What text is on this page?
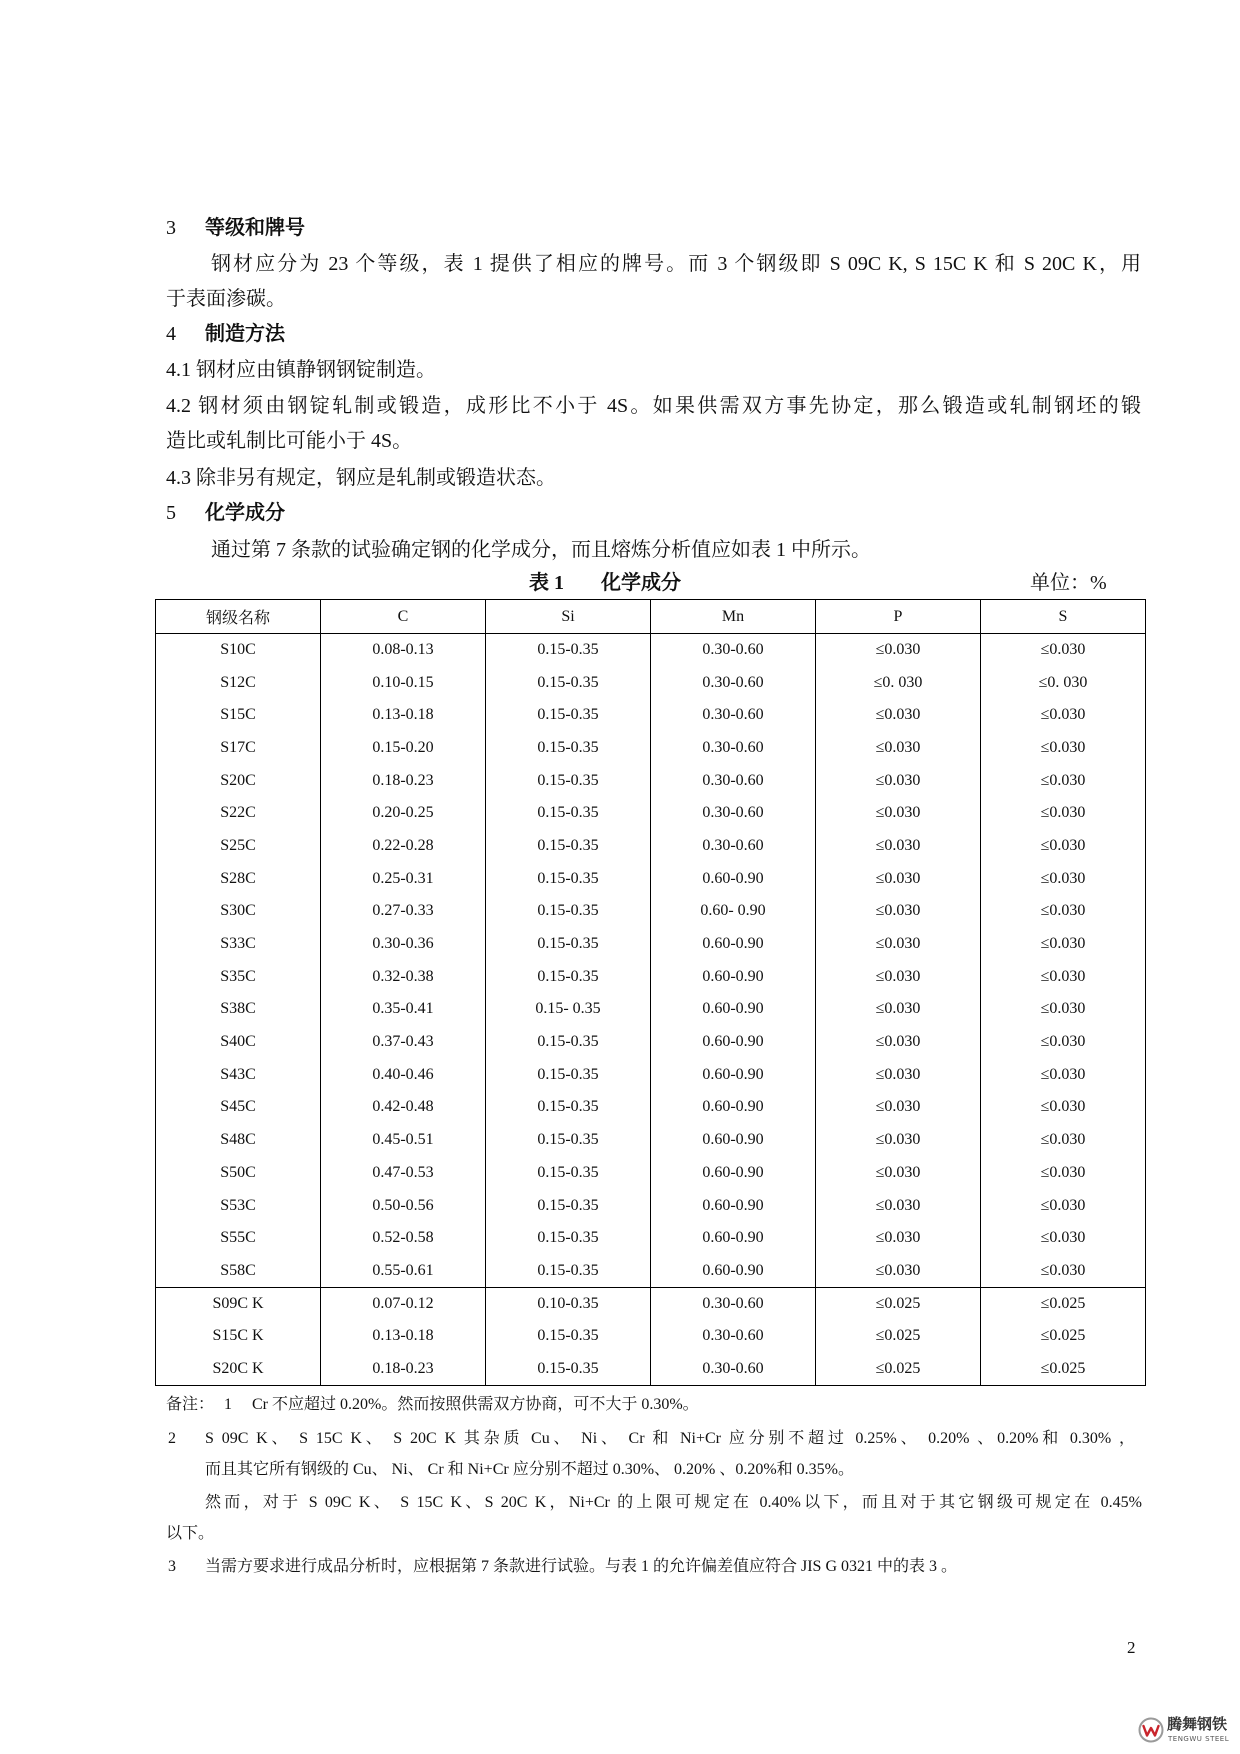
3 等级和牌号
钢材应分为 23 个等级，表 1 提供了相应的牌号。而 3 个钢级即 S 09C K, S 15C K 和 S 20C K，用
于表面渗碳。
4 制造方法
4.1 钢材应由镇静钢钢锭制造。
4.2 钢材须由钢锭轧制或锻造，成形比不小于 4S。如果供需双方事先协定，那么锻造或轧制钢坯的锻
造比或轧制比可能小于 4S。
4.3 除非另有规定，钢应是轧制或锻造状态。
5 化学成分
通过第 7 条款的试验确定钢的化学成分，而且熔炼分析值应如表 1 中所示。
表 1 化学成分	单位：%
钢级名称	C	Si	Mn	P	S
S10C	0.08-0.13	0.15-0.35	0.30-0.60	≤0.030	≤0.030
S12C	0.10-0.15	0.15-0.35	0.30-0.60	≤0. 030	≤0. 030
S15C	0.13-0.18	0.15-0.35	0.30-0.60	≤0.030	≤0.030
S17C	0.15-0.20	0.15-0.35	0.30-0.60	≤0.030	≤0.030
S20C	0.18-0.23	0.15-0.35	0.30-0.60	≤0.030	≤0.030
S22C	0.20-0.25	0.15-0.35	0.30-0.60	≤0.030	≤0.030
S25C	0.22-0.28	0.15-0.35	0.30-0.60	≤0.030	≤0.030
S28C	0.25-0.31	0.15-0.35	0.60-0.90	≤0.030	≤0.030
S30C	0.27-0.33	0.15-0.35	0.60- 0.90	≤0.030	≤0.030
S33C	0.30-0.36	0.15-0.35	0.60-0.90	≤0.030	≤0.030
S35C	0.32-0.38	0.15-0.35	0.60-0.90	≤0.030	≤0.030
S38C	0.35-0.41	0.15- 0.35	0.60-0.90	≤0.030	≤0.030
S40C	0.37-0.43	0.15-0.35	0.60-0.90	≤0.030	≤0.030
S43C	0.40-0.46	0.15-0.35	0.60-0.90	≤0.030	≤0.030
S45C	0.42-0.48	0.15-0.35	0.60-0.90	≤0.030	≤0.030
S48C	0.45-0.51	0.15-0.35	0.60-0.90	≤0.030	≤0.030
S50C	0.47-0.53	0.15-0.35	0.60-0.90	≤0.030	≤0.030
S53C	0.50-0.56	0.15-0.35	0.60-0.90	≤0.030	≤0.030
S55C	0.52-0.58	0.15-0.35	0.60-0.90	≤0.030	≤0.030
S58C	0.55-0.61	0.15-0.35	0.60-0.90	≤0.030	≤0.030
S09C K	0.07-0.12	0.10-0.35	0.30-0.60	≤0.025	≤0.025
S15C K	0.13-0.18	0.15-0.35	0.30-0.60	≤0.025	≤0.025
S20C K	0.18-0.23	0.15-0.35	0.30-0.60	≤0.025	≤0.025
备注： 1 Cr 不应超过 0.20%。然而按照供需双方协商，可不大于 0.30%。
2 S 09C K、 S 15C K、 S 20C K 其杂质 Cu、 Ni、 Cr 和 Ni+Cr 应分别不超过 0.25%、 0.20% 、0.20%和 0.30% ，
而且其它所有钢级的 Cu、 Ni、 Cr 和 Ni+Cr 应分别不超过 0.30%、 0.20% 、0.20%和 0.35%。
然而，对于 S 09C K、 S 15C K、S 20C K，Ni+Cr 的上限可规定在 0.40%以下，而且对于其它钢级可规定在 0.45%
以下。
3 当需方要求进行成品分析时，应根据第 7 条款进行试验。与表 1 的允许偏差值应符合 JIS G 0321 中的表 3 。
2
腾舞钢铁
TENGWU STEEL
